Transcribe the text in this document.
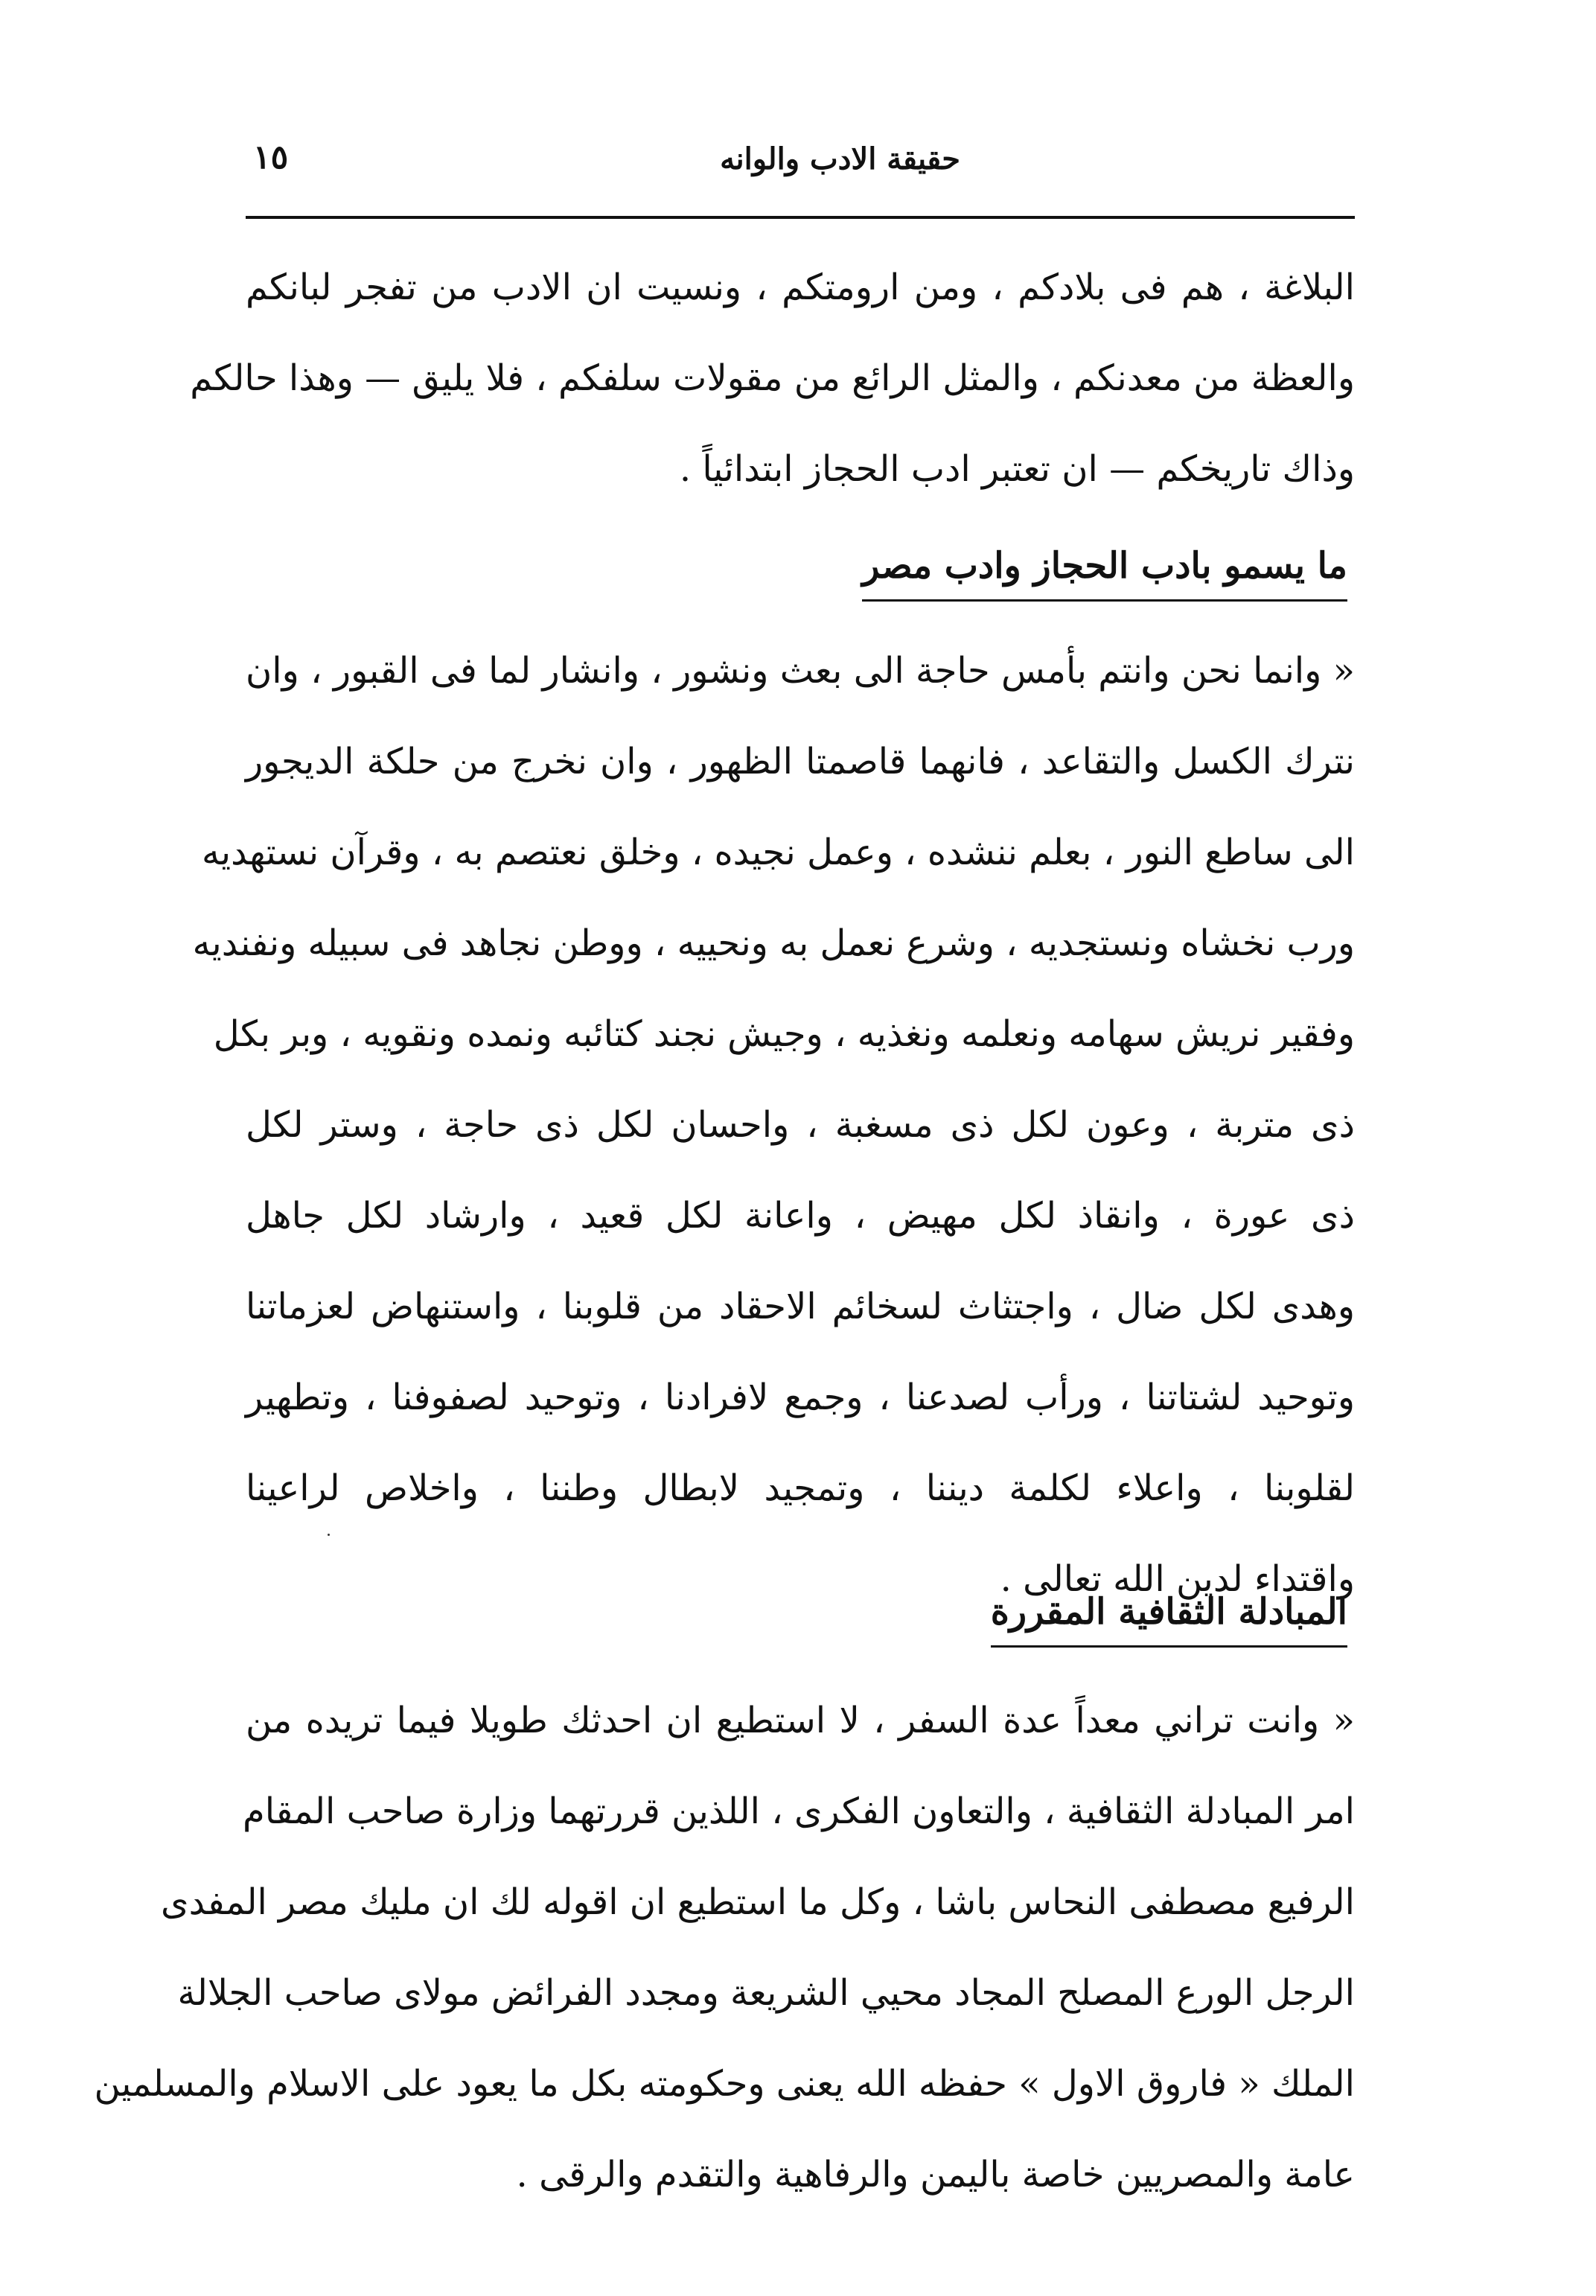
حقيقة الادب والوانه
١٥
البلاغة ، هم فى بلادكم ، ومن ارومتكم ، ونسيت ان الادب من تفجر لبانكم
والعظة من معدنكم ، والمثل الرائع من مقولات سلفكم ، فلا يليق — وهذا حالكم
وذاك تاريخكم — ان تعتبر ادب الحجاز ابتدائياً .
ما يسمو بادب الحجاز وادب مصر
« وانما نحن وانتم بأمس حاجة الى بعث ونشور ، وانشار لما فى القبور ، وان
نترك الكسل والتقاعد ، فانهما قاصمتا الظهور ، وان نخرج من حلكة الديجور
الى ساطع النور ، بعلم ننشده ، وعمل نجيده ، وخلق نعتصم به ، وقرآن نستهديه
ورب نخشاه ونستجديه ، وشرع نعمل به ونحييه ، ووطن نجاهد فى سبيله ونفنديه
وفقير نريش سهامه ونعلمه ونغذيه ، وجيش نجند كتائبه ونمده ونقويه ، وبر بكل
ذى متربة ، وعون لكل ذى مسغبة ، واحسان لكل ذى حاجة ، وستر لكل
ذى عورة ، وانقاذ لكل مهيض ، واعانة لكل قعيد ، وارشاد لكل جاهل
وهدى لكل ضال ، واجتثاث لسخائم الاحقاد من قلوبنا ، واستنهاض لعزماتنا
وتوحيد لشتاتنا ، ورأب لصدعنا ، وجمع لافرادنا ، وتوحيد لصفوفنا ، وتطهير
لقلوبنا ، واعلاء لكلمة ديننا ، وتمجيد لابطال وطننا ، واخلاص لراعينا
واقتداء لدين الله تعالى .
المبادلة الثقافية المقررة
« وانت تراني معداً عدة السفر ، لا استطيع ان احدثك طويلا فيما تريده من
امر المبادلة الثقافية ، والتعاون الفكرى ، اللذين قررتهما وزارة صاحب المقام
الرفيع مصطفى النحاس باشا ، وكل ما استطيع ان اقوله لك ان مليك مصر المفدى
الرجل الورع المصلح المجاد محيي الشريعة ومجدد الفرائض مولاى صاحب الجلالة
الملك « فاروق الاول » حفظه الله يعنى وحكومته بكل ما يعود على الاسلام والمسلمين
عامة والمصريين خاصة باليمن والرفاهية والتقدم والرقى .
